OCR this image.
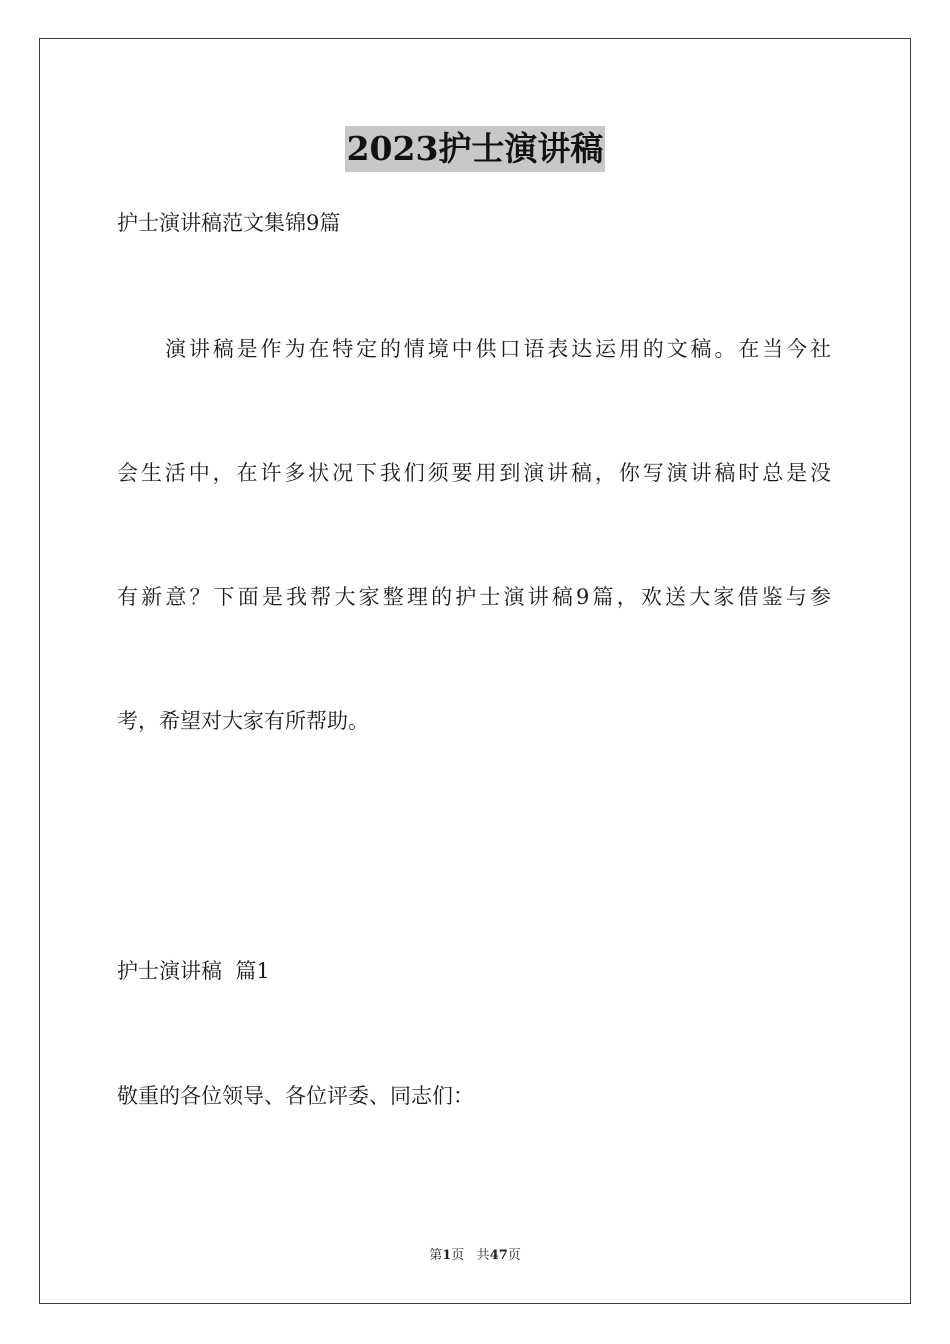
2023护士演讲稿
护士演讲稿范文集锦9篇
演讲稿是作为在特定的情境中供口语表达运用的文稿。在当今社
会生活中，在许多状况下我们须要用到演讲稿，你写演讲稿时总是没
有新意？下面是我帮大家整理的护士演讲稿9篇，欢送大家借鉴与参
考，希望对大家有所帮助。
护士演讲稿  篇1
敬重的各位领导、各位评委、同志们：
第1页 共47页
